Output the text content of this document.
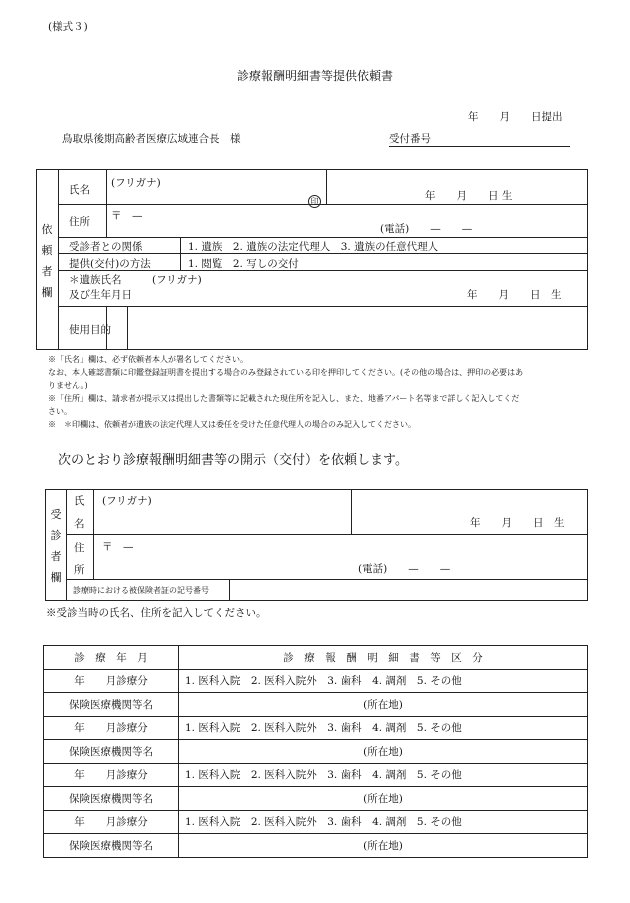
(様式３)
診療報酬明細書等提供依頼書
年　　月　　日提出
鳥取県後期高齢者医療広域連合長　様	受付番号
依
頼
者
欄
氏名
(フリガナ)
印	年　　月　　日 生
住所 〒　—
(電話)　　—　　—
受診者との関係	1. 遺族　2. 遺族の法定代理人　3. 遺族の任意代理人
提供(交付)の方法	1. 閲覧　2. 写しの交付
＊遺族氏名	(フリガナ)
及び生年月日	年　　月　　日　生
使用目的
※「氏名」欄は、必ず依頼者本人が署名してください。
なお、本人確認書類に印鑑登録証明書を提出する場合のみ登録されている印を押印してください。(その他の場合は、押印の必要はあ
りません。)
※「住所」欄は、請求者が提示又は提出した書類等に記載された現住所を記入し、また、地番アパート名等まで詳しく記入してくだ
さい。
※　＊印欄は、依頼者が遺族の法定代理人又は委任を受けた任意代理人の場合のみ記入してください。
次のとおり診療報酬明細書等の開示（交付）を依頼します。
受
診
者
欄
氏
名
(フリガナ)
年　　月　　日　生
住
所
〒　—
(電話)　　—　　—
診療時における被保険者証の記号番号
※受診当時の氏名、住所を記入してください。
診　療　年　月	診　療　報　酬　明　細　書　等　区　分
年　　月診療分	1. 医科入院　2. 医科入院外　3. 歯科　4. 調剤　5. その他
保険医療機関等名	(所在地)
年　　月診療分	1. 医科入院　2. 医科入院外　3. 歯科　4. 調剤　5. その他
保険医療機関等名	(所在地)
年　　月診療分	1. 医科入院　2. 医科入院外　3. 歯科　4. 調剤　5. その他
保険医療機関等名	(所在地)
年　　月診療分	1. 医科入院　2. 医科入院外　3. 歯科　4. 調剤　5. その他
保険医療機関等名	(所在地)
